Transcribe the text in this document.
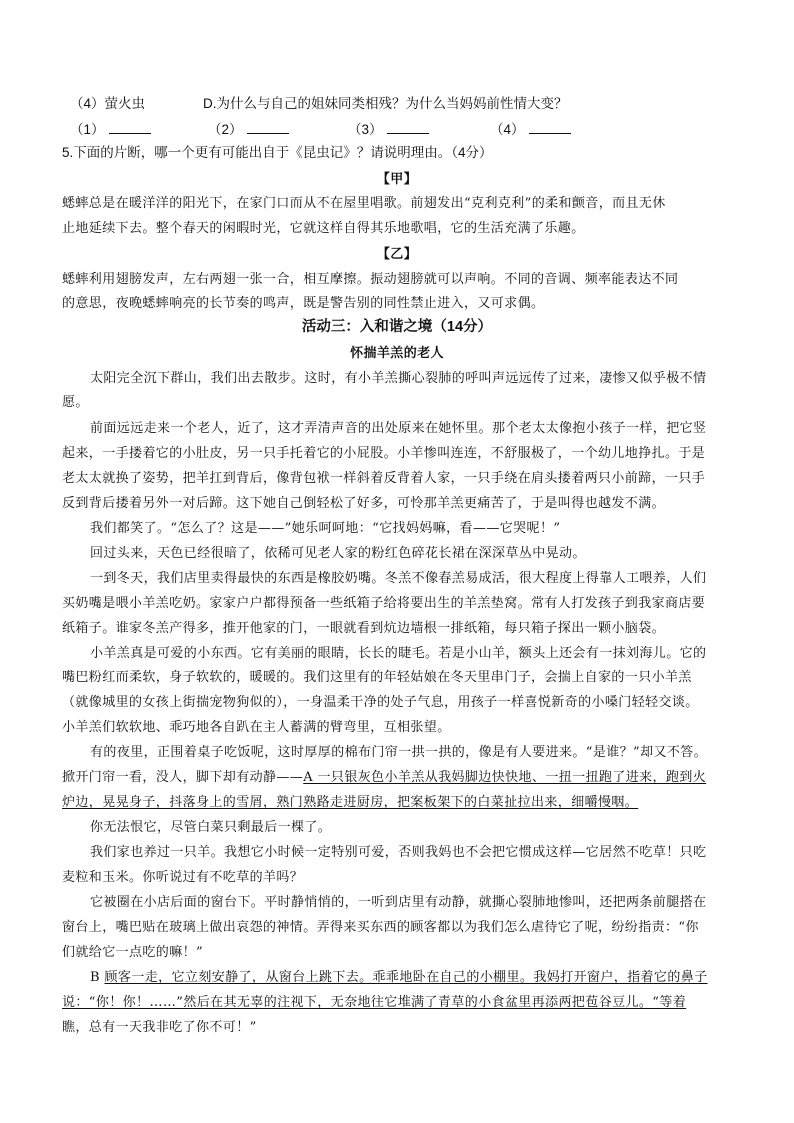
（4）萤火虫	D.为什么与自己的姐妹同类相残？为什么当妈妈前性情大变？
（1）	（2）	（3）	（4）
5.下面的片断，哪一个更有可能出自于《昆虫记》？请说明理由。（4分）
【甲】
蟋蟀总是在暖洋洋的阳光下，在家门口而从不在屋里唱歌。前翅发出“克利克利”的柔和颤音，而且无休
止地延续下去。整个春天的闲暇时光，它就这样自得其乐地歌唱，它的生活充满了乐趣。
【乙】
蟋蟀利用翅膀发声，左右两翅一张一合，相互摩擦。振动翅膀就可以声响。不同的音调、频率能表达不同
的意思，夜晚蟋蟀响亮的长节奏的鸣声，既是警告别的同性禁止进入，又可求偶。
活动三：入和谐之境（14分）
怀揣羊羔的老人
太阳完全沉下群山，我们出去散步。这时，有小羊羔撕心裂肺的呼叫声远远传了过来，凄惨又似乎极不情
愿。
前面远远走来一个老人，近了，这才弄清声音的出处原来在她怀里。那个老太太像抱小孩子一样，把它竖
起来，一手搂着它的小肚皮，另一只手托着它的小屁股。小羊惨叫连连，不舒服极了，一个幼儿地挣扎。于是
老太太就换了姿势，把羊扛到背后，像背包袱一样斜着反背着人家，一只手绕在肩头搂着两只小前蹄，一只手
反到背后搂着另外一对后蹄。这下她自己倒轻松了好多，可怜那羊羔更痛苦了，于是叫得也越发不满。
我们都笑了。“怎么了？这是——”她乐呵呵地：“它找妈妈嘛，看——它哭呢！”
回过头来，天色已经很暗了，依稀可见老人家的粉红色碎花长裙在深深草丛中晃动。
一到冬天，我们店里卖得最快的东西是橡胶奶嘴。冬羔不像春羔易成活，很大程度上得靠人工喂养，人们
买奶嘴是喂小羊羔吃奶。家家户户都得预备一些纸箱子给将要出生的羊羔垫窝。常有人打发孩子到我家商店要
纸箱子。谁家冬羔产得多，推开他家的门，一眼就看到炕边墙根一排纸箱，每只箱子探出一颗小脑袋。
小羊羔真是可爱的小东西。它有美丽的眼睛，长长的睫毛。若是小山羊，额头上还会有一抹刘海儿。它的
嘴巴粉红而柔软，身子软软的，暖暖的。我们这里有的年轻姑娘在冬天里串门子，会揣上自家的一只小羊羔
（就像城里的女孩上街揣宠物狗似的），一身温柔干净的处子气息，用孩子一样喜悦新奇的小嗓门轻轻交谈。
小羊羔们软软地、乖巧地各自趴在主人蓄满的臂弯里，互相张望。
有的夜里，正围着桌子吃饭呢，这时厚厚的棉布门帘一拱一拱的，像是有人要进来。“是谁？”却又不答。
掀开门帘一看，没人，脚下却有动静——A 一只银灰色小羊羔从我妈脚边快快地、一扭一扭跑了进来，跑到火
炉边，晃晃身子，抖落身上的雪屑，熟门熟路走进厨房，把案板架下的白菜扯拉出来，细嚼慢咽。
你无法恨它，尽管白菜只剩最后一棵了。
我们家也养过一只羊。我想它小时候一定特别可爱，否则我妈也不会把它惯成这样—它居然不吃草！只吃
麦粒和玉米。你听说过有不吃草的羊吗？
它被圈在小店后面的窗台下。平时静悄悄的，一听到店里有动静，就撕心裂肺地惨叫，还把两条前腿搭在
窗台上，嘴巴贴在玻璃上做出哀怨的神情。弄得来买东西的顾客都以为我们怎么虐待它了呢，纷纷指责：“你
们就给它一点吃的嘛！”
B 顾客一走，它立刻安静了，从窗台上跳下去。乖乖地卧在自己的小棚里。我妈打开窗户，指着它的鼻子
说：“你！你！……”然后在其无辜的注视下，无奈地往它堆满了青草的小食盆里再添两把苞谷豆儿。“等着
瞧，总有一天我非吃了你不可！”
